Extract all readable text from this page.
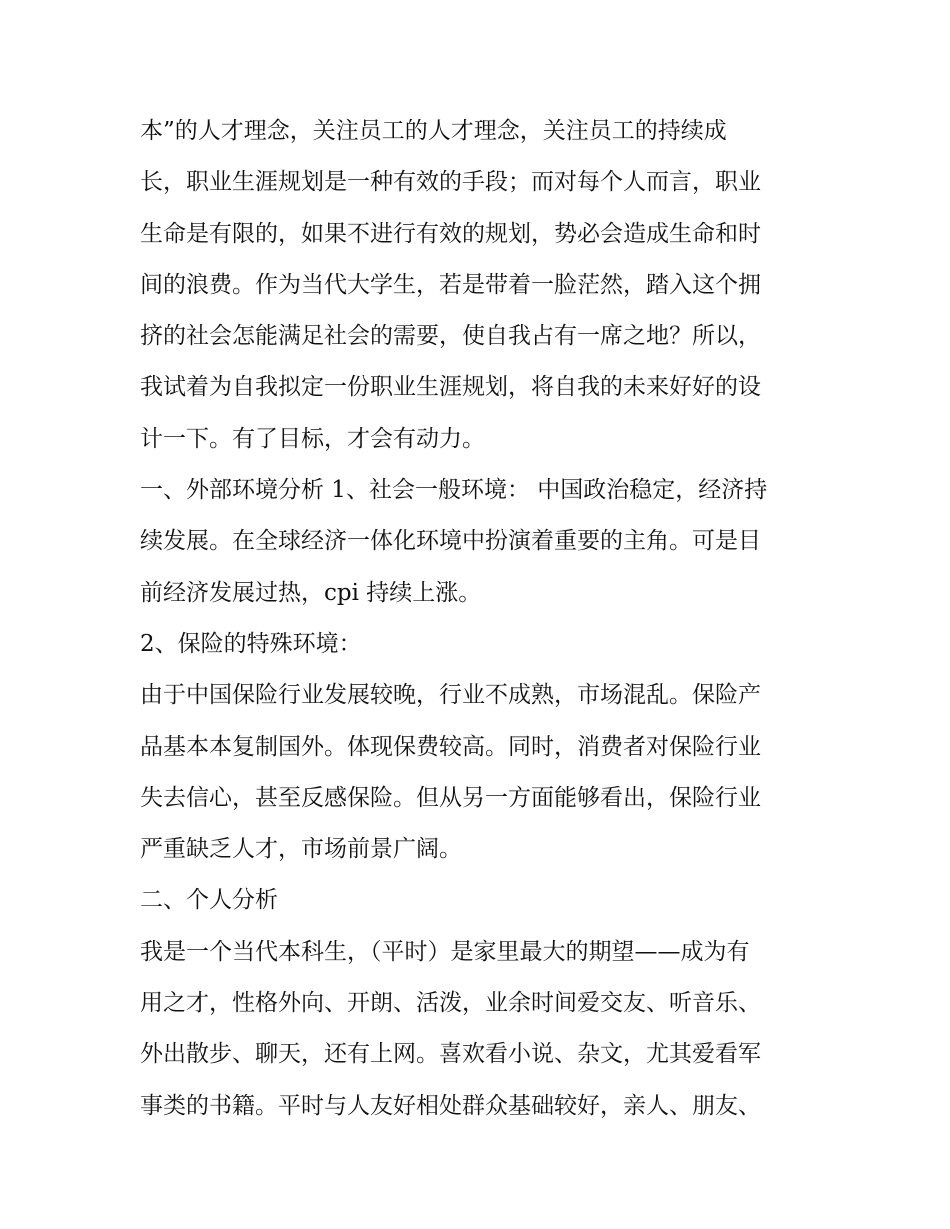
本”的人才理念，关注员工的人才理念，关注员工的持续成
长，职业生涯规划是一种有效的手段；而对每个人而言，职业
生命是有限的，如果不进行有效的规划，势必会造成生命和时
间的浪费。作为当代大学生，若是带着一脸茫然，踏入这个拥
挤的社会怎能满足社会的需要，使自我占有一席之地？所以，
我试着为自我拟定一份职业生涯规划，将自我的未来好好的设
计一下。有了目标，才会有动力。
一、外部环境分析 1、社会一般环境： 中国政治稳定，经济持
续发展。在全球经济一体化环境中扮演着重要的主角。可是目
前经济发展过热，cpi 持续上涨。
2、保险的特殊环境：
由于中国保险行业发展较晚，行业不成熟，市场混乱。保险产
品基本本复制国外。体现保费较高。同时，消费者对保险行业
失去信心，甚至反感保险。但从另一方面能够看出，保险行业
严重缺乏人才，市场前景广阔。
二、个人分析
我是一个当代本科生，（平时）是家里最大的期望——成为有
用之才，性格外向、开朗、活泼，业余时间爱交友、听音乐、
外出散步、聊天，还有上网。喜欢看小说、杂文，尤其爱看军
事类的书籍。平时与人友好相处群众基础较好，亲人、朋友、
